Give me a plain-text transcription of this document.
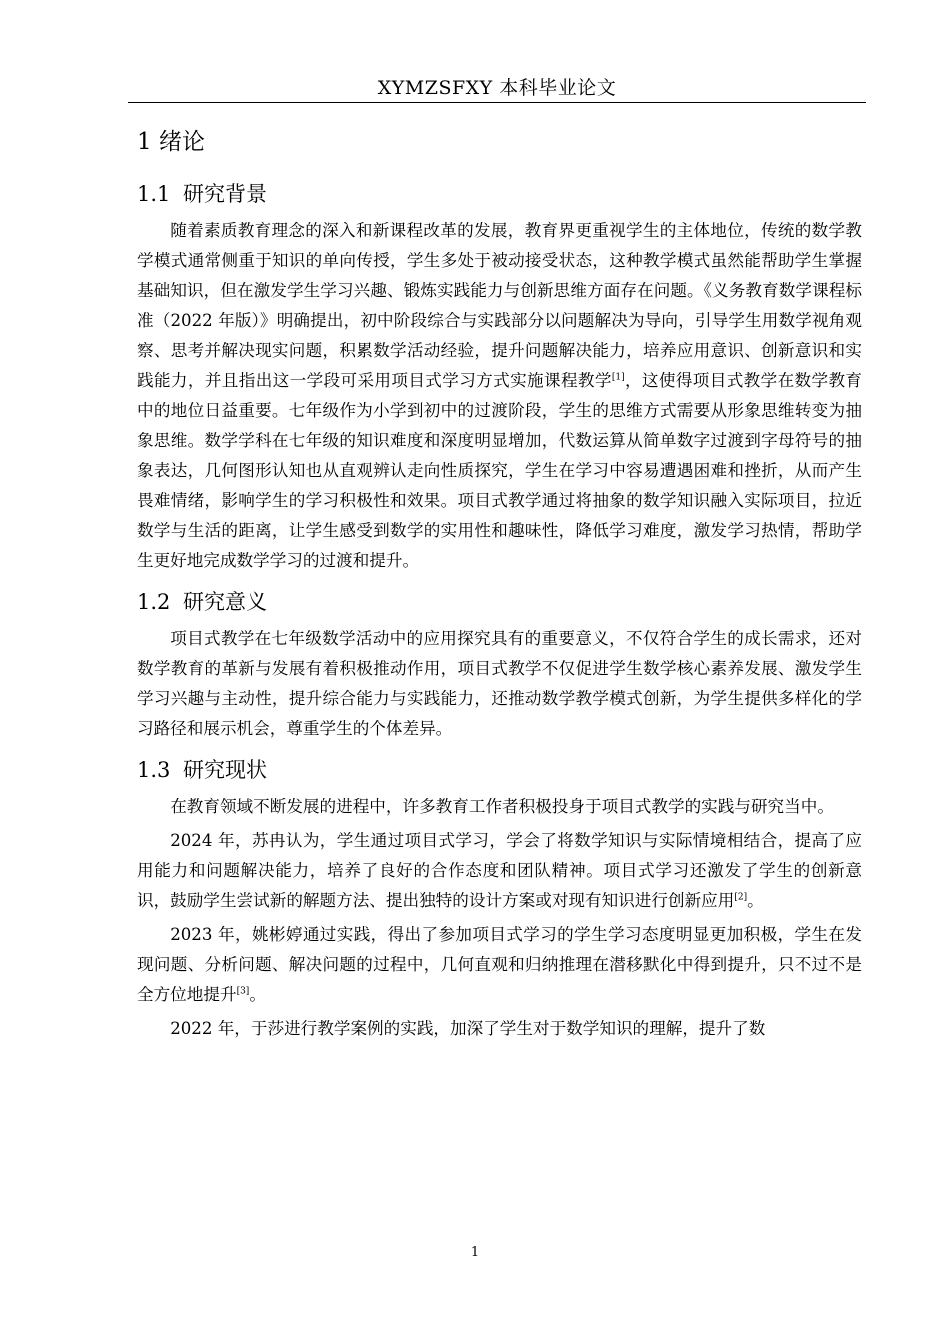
XYMZSFXY 本科毕业论文
1 绪论
1.1 研究背景

随着素质教育理念的深入和新课程改革的发展，教育界更重视学生的主体地位，传统的数学教学模式通常侧重于知识的单向传授，学生多处于被动接受状态，这种教学模式虽然能帮助学生掌握基础知识，但在激发学生学习兴趣、锻炼实践能力与创新思维方面存在问题。《义务教育数学课程标准（2022 年版）》明确提出，初中阶段综合与实践部分以问题解决为导向，引导学生用数学视角观察、思考并解决现实问题，积累数学活动经验，提升问题解决能力，培养应用意识、创新意识和实践能力，并且指出这一学段可采用项目式学习方式实施课程教学[1]，这使得项目式教学在数学教育中的地位日益重要。七年级作为小学到初中的过渡阶段，学生的思维方式需要从形象思维转变为抽象思维。数学学科在七年级的知识难度和深度明显增加，代数运算从简单数字过渡到字母符号的抽象表达，几何图形认知也从直观辨认走向性质探究，学生在学习中容易遭遇困难和挫折，从而产生畏难情绪，影响学生的学习积极性和效果。项目式教学通过将抽象的数学知识融入实际项目，拉近数学与生活的距离，让学生感受到数学的实用性和趣味性，降低学习难度，激发学习热情，帮助学生更好地完成数学学习的过渡和提升。

1.2 研究意义

项目式教学在七年级数学活动中的应用探究具有的重要意义，不仅符合学生的成长需求，还对数学教育的革新与发展有着积极推动作用，项目式教学不仅促进学生数学核心素养发展、激发学生学习兴趣与主动性，提升综合能力与实践能力，还推动数学教学模式创新，为学生提供多样化的学习路径和展示机会，尊重学生的个体差异。

1.3 研究现状

在教育领域不断发展的进程中，许多教育工作者积极投身于项目式教学的实践与研究当中。

2024 年，苏冉认为，学生通过项目式学习，学会了将数学知识与实际情境相结合，提高了应用能力和问题解决能力，培养了良好的合作态度和团队精神。项目式学习还激发了学生的创新意识，鼓励学生尝试新的解题方法、提出独特的设计方案或对现有知识进行创新应用[2]。

2023 年，姚彬婷通过实践，得出了参加项目式学习的学生学习态度明显更加积极，学生在发现问题、分析问题、解决问题的过程中，几何直观和归纳推理在潜移默化中得到提升，只不过不是全方位地提升[3]。

2022 年，于莎进行教学案例的实践，加深了学生对于数学知识的理解，提升了数

1
